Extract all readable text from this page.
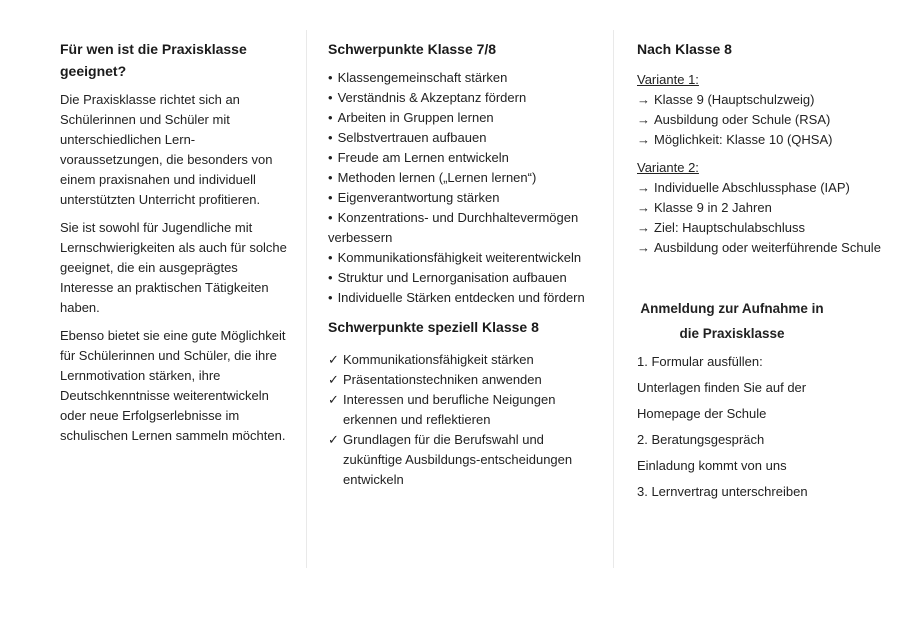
Für wen ist die Praxisklasse geeignet?

Die Praxisklasse richtet sich an Schülerinnen und Schüler mit unterschiedlichen Lern-voraussetzungen, die besonders von einem praxisnahen und individuell unterstützten Unterricht profitieren.

Sie ist sowohl für Jugendliche mit Lernschwierigkeiten als auch für solche geeignet, die ein ausgeprägtes Interesse an praktischen Tätigkeiten haben.

Ebenso bietet sie eine gute Möglichkeit für Schülerinnen und Schüler, die ihre Lernmotivation stärken, ihre Deutschkenntnisse weiterentwickeln oder neue Erfolgserlebnisse im schulischen Lernen sammeln möchten.

Schwerpunkte Klasse 7/8

• Klassengemeinschaft stärken

• Verständnis & Akzeptanz fördern

• Arbeiten in Gruppen lernen

• Selbstvertrauen aufbauen

• Freude am Lernen entwickeln

• Methoden lernen („Lernen lernen“)

• Eigenverantwortung stärken

• Konzentrations- und Durchhaltevermögen verbessern

• Kommunikationsfähigkeit weiterentwickeln

• Struktur und Lernorganisation aufbauen

• Individuelle Stärken entdecken und fördern

Schwerpunkte speziell Klasse 8

✓ Kommunikationsfähigkeit stärken

✓ Präsentationstechniken anwenden

✓ Interessen und berufliche Neigungen erkennen und reflektieren

✓ Grundlagen für die Berufswahl und zukünftige Ausbildungs-entscheidungen entwickeln

Nach Klasse 8

Variante 1:

→ Klasse 9 (Hauptschulzweig)

→ Ausbildung oder Schule (RSA)

→ Möglichkeit: Klasse 10 (QHSA)

Variante 2:

→ Individuelle Abschlussphase (IAP)

→ Klasse 9 in 2 Jahren

→ Ziel: Hauptschulabschluss

→ Ausbildung oder weiterführende Schule

Anmeldung zur Aufnahme in
die Praxisklasse

1. Formular ausfüllen:

Unterlagen finden Sie auf der

Homepage der Schule

2. Beratungsgespräch

Einladung kommt von uns

3. Lernvertrag unterschreiben
